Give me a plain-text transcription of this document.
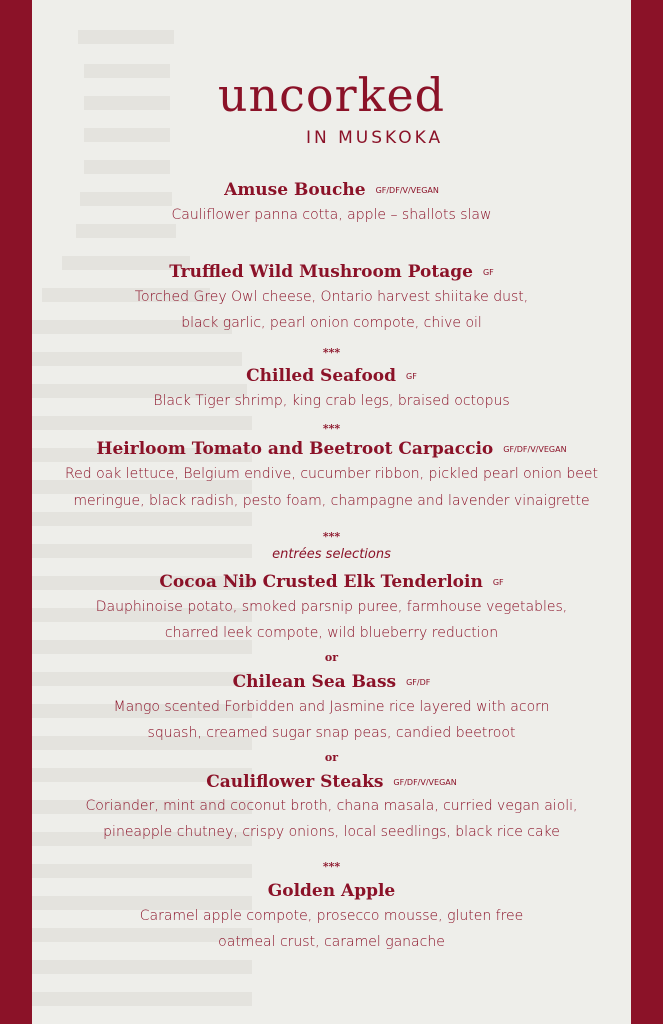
uncorked
IN MUSKOKA
Amuse Bouche GF/DF/V/VEGAN
Cauliflower panna cotta, apple – shallots slaw
Truffled Wild Mushroom Potage GF
Torched Grey Owl cheese, Ontario harvest shiitake dust,
black garlic, pearl onion compote, chive oil
***
Chilled Seafood GF
Black Tiger shrimp, king crab legs, braised octopus
***
Heirloom Tomato and Beetroot Carpaccio GF/DF/V/VEGAN
Red oak lettuce, Belgium endive, cucumber ribbon, pickled pearl onion beet
meringue, black radish, pesto foam, champagne and lavender vinaigrette
***
entrées selections
Cocoa Nib Crusted Elk Tenderloin GF
Dauphinoise potato, smoked parsnip puree, farmhouse vegetables,
charred leek compote, wild blueberry reduction
or
Chilean Sea Bass GF/DF
Mango scented Forbidden and Jasmine rice layered with acorn
squash, creamed sugar snap peas, candied beetroot
or
Cauliflower Steaks GF/DF/V/VEGAN
Coriander, mint and coconut broth, chana masala, curried vegan aioli,
pineapple chutney, crispy onions, local seedlings, black rice cake
***
Golden Apple
Caramel apple compote, prosecco mousse, gluten free
oatmeal crust, caramel ganache
